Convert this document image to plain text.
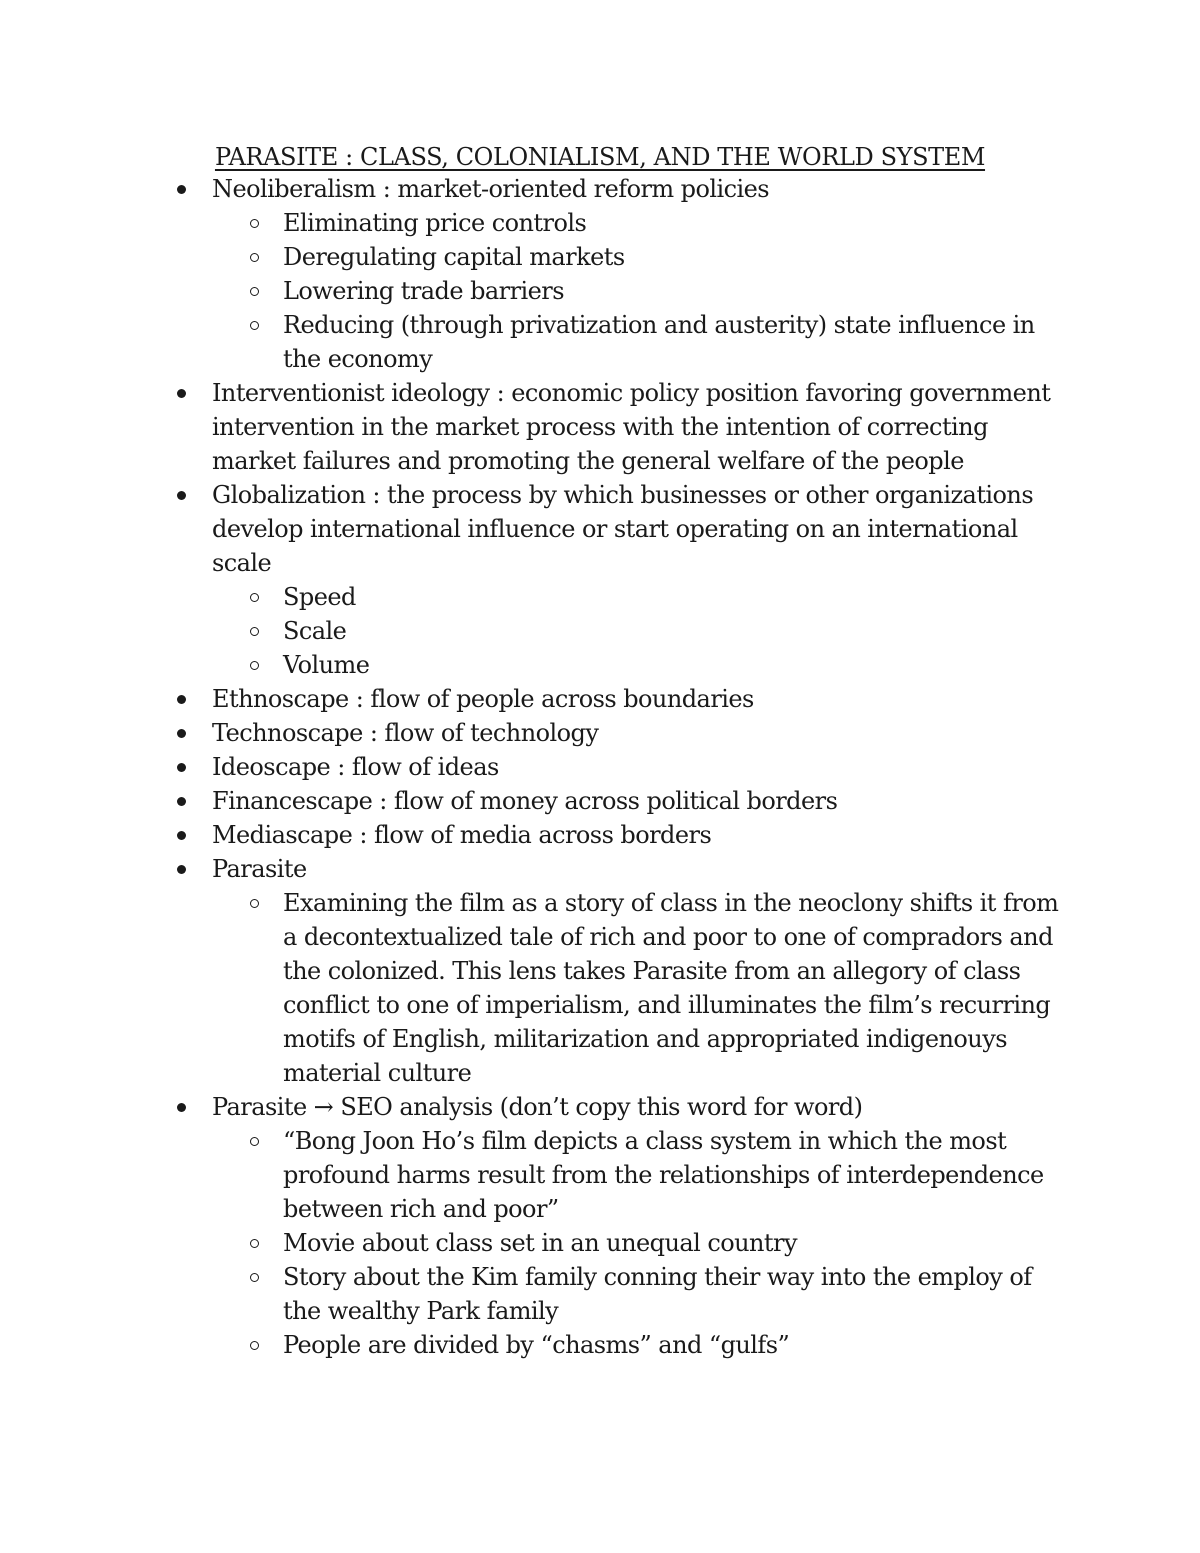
PARASITE : CLASS, COLONIALISM, AND THE WORLD SYSTEM
Neoliberalism : market-oriented reform policies
Eliminating price controls
Deregulating capital markets
Lowering trade barriers
Reducing (through privatization and austerity) state influence in the economy
Interventionist ideology : economic policy position favoring government intervention in the market process with the intention of correcting market failures and promoting the general welfare of the people
Globalization : the process by which businesses or other organizations develop international influence or start operating on an international scale
Speed
Scale
Volume
Ethnoscape : flow of people across boundaries
Technoscape : flow of technology
Ideoscape : flow of ideas
Financescape : flow of money across political borders
Mediascape : flow of media across borders
Parasite
Examining the film as a story of class in the neoclony shifts it from a decontextualized tale of rich and poor to one of compradors and the colonized. This lens takes Parasite from an allegory of class conflict to one of imperialism, and illuminates the film’s recurring motifs of English, militarization and appropriated indigenouys material culture
Parasite → SEO analysis (don’t copy this word for word)
“Bong Joon Ho’s film depicts a class system in which the most profound harms result from the relationships of interdependence between rich and poor”
Movie about class set in an unequal country
Story about the Kim family conning their way into the employ of the wealthy Park family
People are divided by “chasms” and “gulfs”
